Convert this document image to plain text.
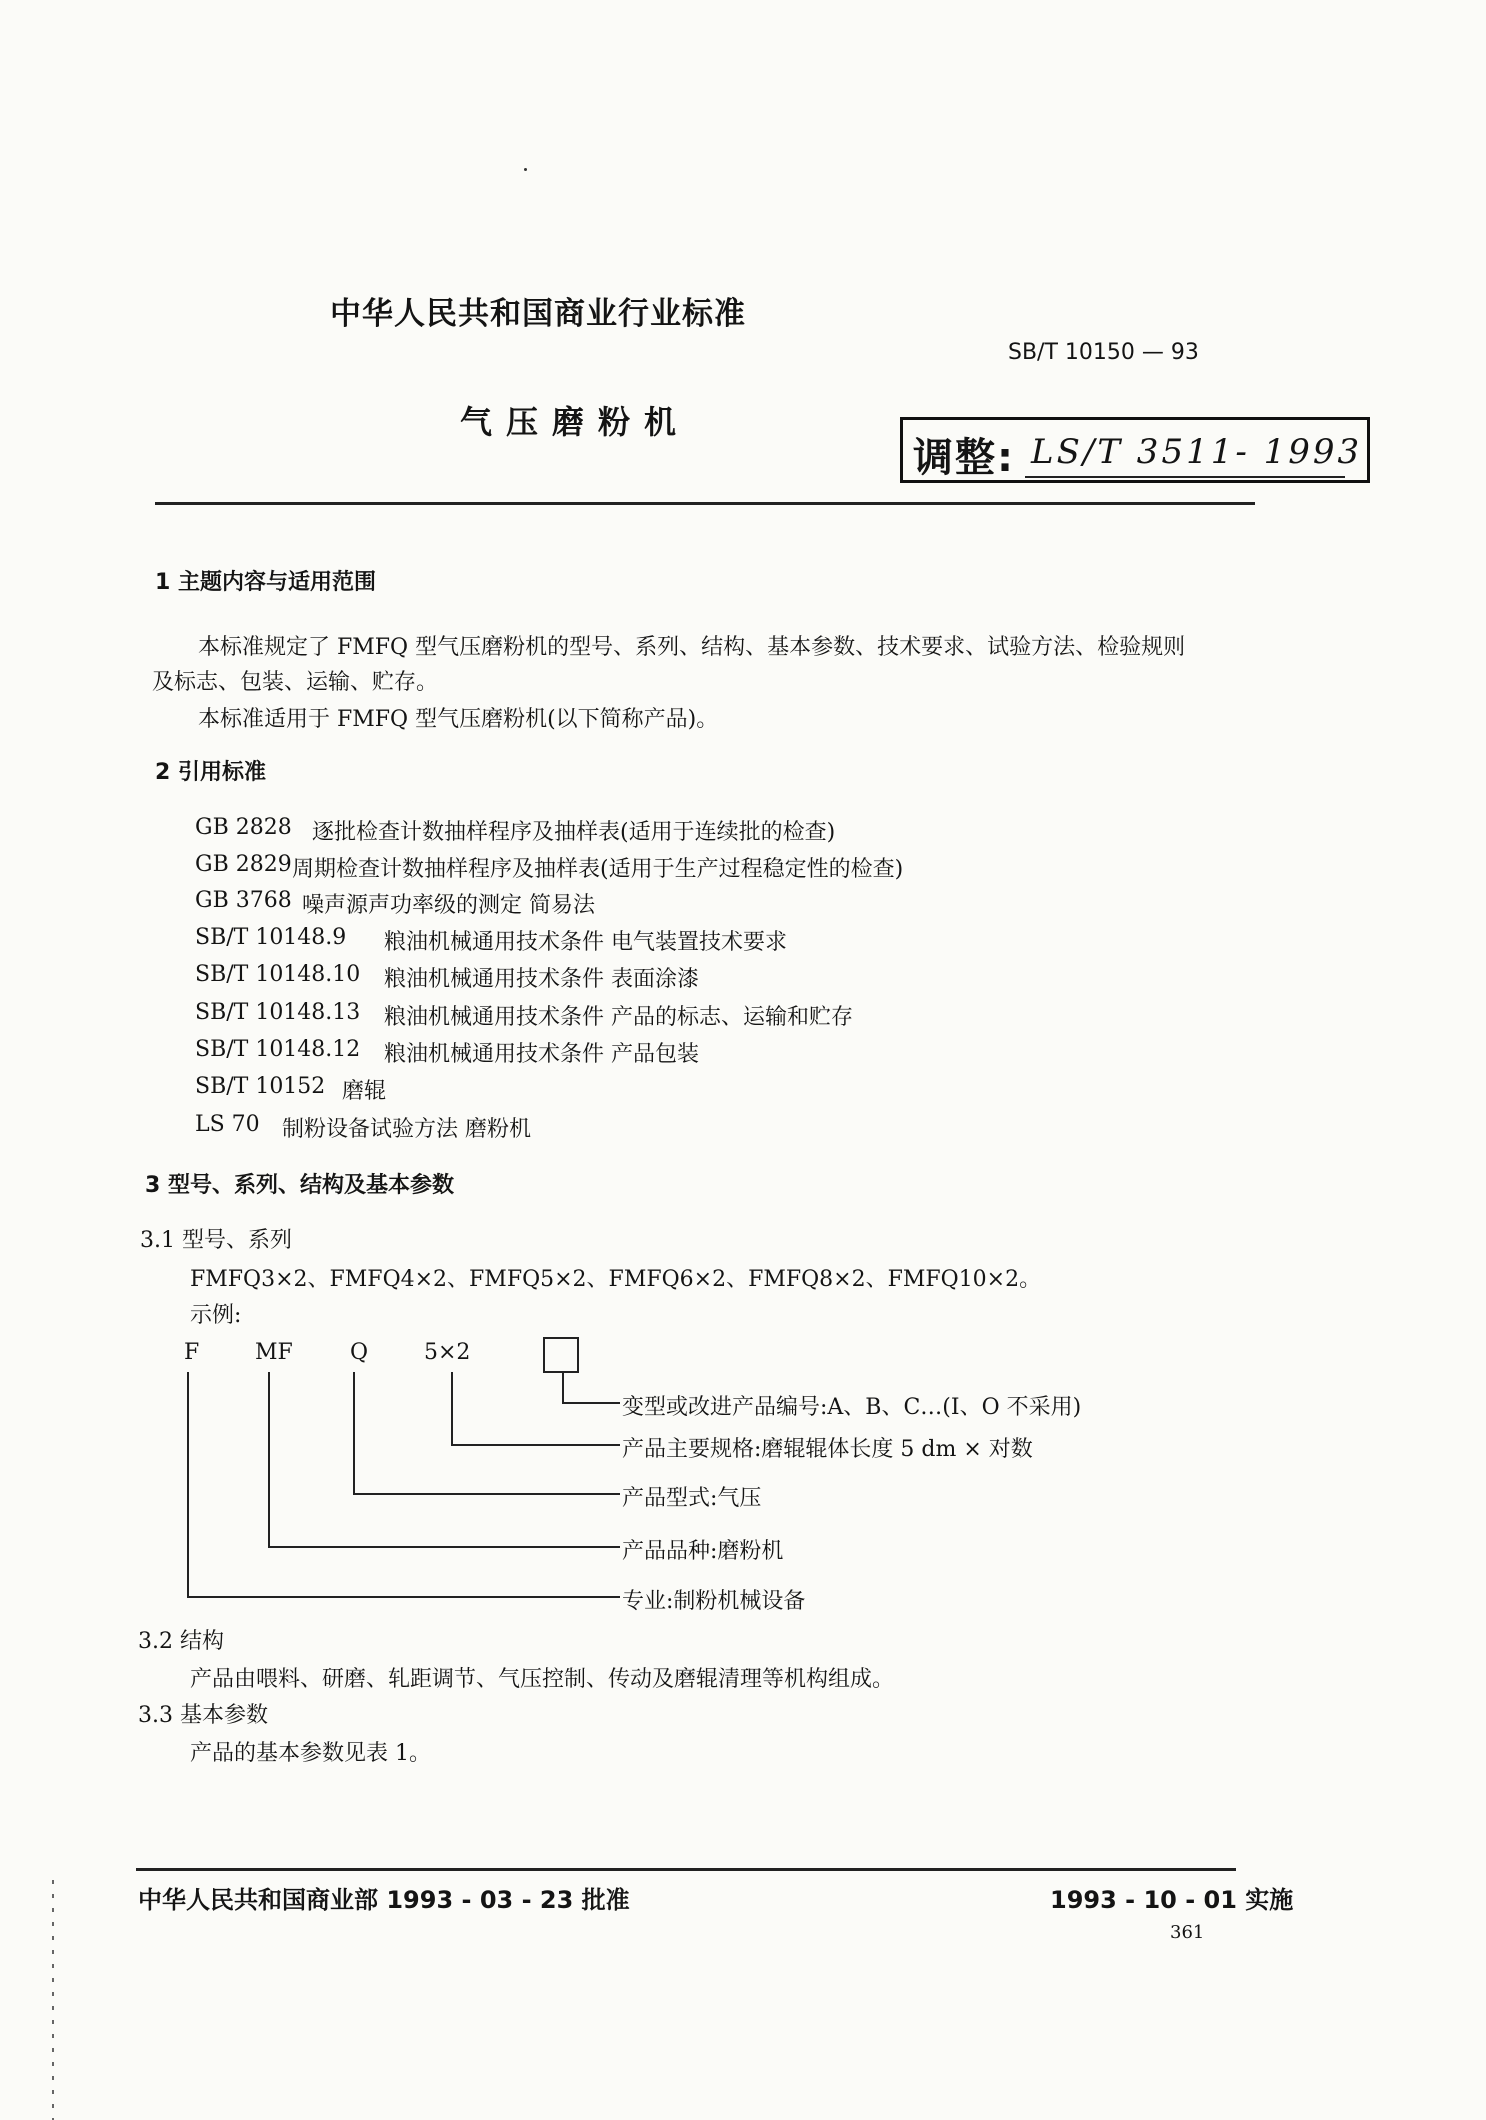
中华人民共和国商业行业标准
SB/T 10150 — 93
气压磨粉机
调整: LS/T 3511- 1993
1 主题内容与适用范围
本标准规定了 FMFQ 型气压磨粉机的型号、系列、结构、基本参数、技术要求、试验方法、检验规则
及标志、包装、运输、贮存。
本标准适用于 FMFQ 型气压磨粉机(以下简称产品)。
2 引用标准
GB 2828 逐批检查计数抽样程序及抽样表(适用于连续批的检查)
GB 2829 周期检查计数抽样程序及抽样表(适用于生产过程稳定性的检查)
GB 3768 噪声源声功率级的测定 简易法
SB/T 10148.9 粮油机械通用技术条件 电气装置技术要求
SB/T 10148.10 粮油机械通用技术条件 表面涂漆
SB/T 10148.13 粮油机械通用技术条件 产品的标志、运输和贮存
SB/T 10148.12 粮油机械通用技术条件 产品包装
SB/T 10152 磨辊
LS 70 制粉设备试验方法 磨粉机
3 型号、系列、结构及基本参数
3.1 型号、系列
FMFQ3×2、FMFQ4×2、FMFQ5×2、FMFQ6×2、FMFQ8×2、FMFQ10×2。
示例:
F	MF	Q	5×2
变型或改进产品编号:A、B、C…(I、O 不采用)
产品主要规格:磨辊辊体长度 5 dm × 对数
产品型式:气压
产品品种:磨粉机
专业:制粉机械设备
3.2 结构
产品由喂料、研磨、轧距调节、气压控制、传动及磨辊清理等机构组成。
3.3 基本参数
产品的基本参数见表 1。
中华人民共和国商业部 1993 - 03 - 23 批准	1993 - 10 - 01 实施
361
